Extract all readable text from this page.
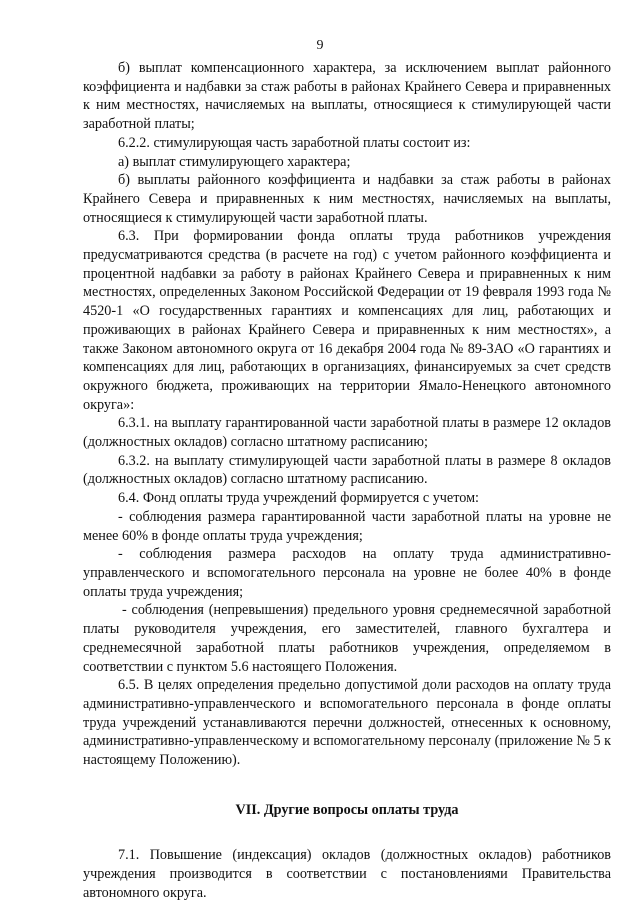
9

б) выплат компенсационного характера, за исключением выплат районного коэффициента и надбавки за стаж работы в районах Крайнего Севера и приравненных к ним местностях, начисляемых на выплаты, относящиеся к стимулирующей части заработной платы;

6.2.2. стимулирующая часть заработной платы состоит из:

а) выплат стимулирующего характера;

б) выплаты районного коэффициента и надбавки за стаж работы в районах Крайнего Севера и приравненных к ним местностях, начисляемых на выплаты, относящиеся к стимулирующей части заработной платы.

6.3. При формировании фонда оплаты труда работников учреждения предусматриваются средства (в расчете на год) с учетом районного коэффициента и процентной надбавки за работу в районах Крайнего Севера и приравненных к ним местностях, определенных Законом Российской Федерации от 19 февраля 1993 года № 4520-1 «О государственных гарантиях и компенсациях для лиц, работающих и проживающих в районах Крайнего Севера и приравненных к ним местностях», а также Законом автономного округа от 16 декабря 2004 года № 89-ЗАО «О гарантиях и компенсациях для лиц, работающих в организациях, финансируемых за счет средств окружного бюджета, проживающих на территории Ямало-Ненецкого автономного округа»:

6.3.1. на выплату гарантированной части заработной платы в размере 12 окладов (должностных окладов) согласно штатному расписанию;

6.3.2. на выплату стимулирующей части заработной платы в размере 8 окладов (должностных окладов) согласно штатному расписанию.

6.4. Фонд оплаты труда учреждений формируется с учетом:

- соблюдения размера гарантированной части заработной платы на уровне не менее 60% в фонде оплаты труда учреждения;

- соблюдения размера расходов на оплату труда административно-управленческого и вспомогательного персонала на уровне не более 40% в фонде оплаты труда учреждения;

- соблюдения (непревышения) предельного уровня среднемесячной заработной платы руководителя учреждения, его заместителей, главного бухгалтера и среднемесячной заработной платы работников учреждения, определяемом в соответствии с пунктом 5.6 настоящего Положения.

6.5. В целях определения предельно допустимой доли расходов на оплату труда административно-управленческого и вспомогательного персонала в фонде оплаты труда учреждений устанавливаются перечни должностей, отнесенных к основному, административно-управленческому и вспомогательному персоналу (приложение № 5 к настоящему Положению).

VII. Другие вопросы оплаты труда

7.1. Повышение (индексация) окладов (должностных окладов) работников учреждения производится в соответствии с постановлениями Правительства автономного округа.
